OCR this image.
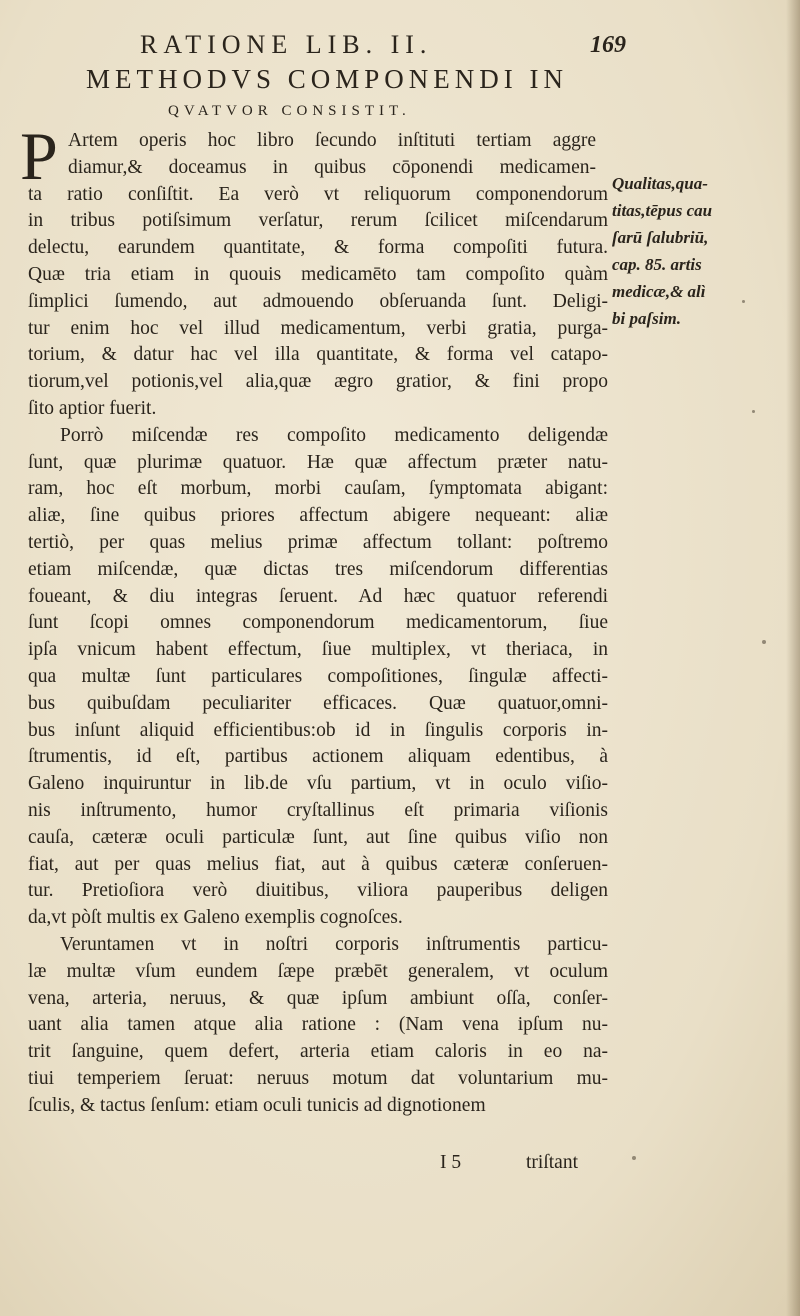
RATIONE LIB. II.	169
METHODVS COMPONENDI IN
QVATVOR CONSISTIT.
P Artem operis hoc libro ſecundo inſtituti tertiam aggre
diamur,& doceamus in quibus cōponendi medicamen-
ta ratio conſiſtit. Ea verò vt reliquorum componendorum
in tribus potiſsimum verſatur, rerum ſcilicet miſcendarum
delectu, earundem quantitate, & forma compoſiti futura.
Quæ tria etiam in quouis medicamēto tam compoſito quàm
ſimplici ſumendo, aut admouendo obſeruanda ſunt. Deligi-
tur enim hoc vel illud medicamentum, verbi gratia, purga-
torium, & datur hac vel illa quantitate, & forma vel catapo-
tiorum,vel potionis,vel alia,quæ ægro gratior, & fini propo
ſito aptior fuerit.
Porrò miſcendæ res compoſito medicamento deligendæ
ſunt, quæ plurimæ quatuor. Hæ quæ affectum præter natu-
ram, hoc eſt morbum, morbi cauſam, ſymptomata abigant:
aliæ, ſine quibus priores affectum abigere nequeant: aliæ
tertiò, per quas melius primæ affectum tollant: poſtremo
etiam miſcendæ, quæ dictas tres miſcendorum differentias
foueant, & diu integras ſeruent. Ad hæc quatuor referendi
ſunt ſcopi omnes componendorum medicamentorum, ſiue
ipſa vnicum habent effectum, ſiue multiplex, vt theriaca, in
qua multæ ſunt particulares compoſitiones, ſingulæ affecti-
bus quibuſdam peculiariter efficaces. Quæ quatuor,omni-
bus inſunt aliquid efficientibus:ob id in ſingulis corporis in-
ſtrumentis, id eſt, partibus actionem aliquam edentibus, à
Galeno inquiruntur in lib.de vſu partium, vt in oculo viſio-
nis inſtrumento, humor cryſtallinus eſt primaria viſionis
cauſa, cæteræ oculi particulæ ſunt, aut ſine quibus viſio non
fiat, aut per quas melius fiat, aut à quibus cæteræ conſeruen-
tur. Pretioſiora verò diuitibus, viliora pauperibus deligen
da,vt pòſt multis ex Galeno exemplis cognoſces.
Veruntamen vt in noſtri corporis inſtrumentis particu-
læ multæ vſum eundem ſæpe præbēt generalem, vt oculum
vena, arteria, neruus, & quæ ipſum ambiunt oſſa, conſer-
uant alia tamen atque alia ratione : (Nam vena ipſum nu-
trit ſanguine, quem defert, arteria etiam caloris in eo na-
tiui temperiem ſeruat: neruus motum dat voluntarium mu-
ſculis, & tactus ſenſum: etiam oculi tunicis ad dignotionem
Qualitas,qua-
titas,tēpus cau
ſarū ſalubriū,
cap. 85. artis
medicæ,& alì
bi paſsim.
I 5	triſtant
